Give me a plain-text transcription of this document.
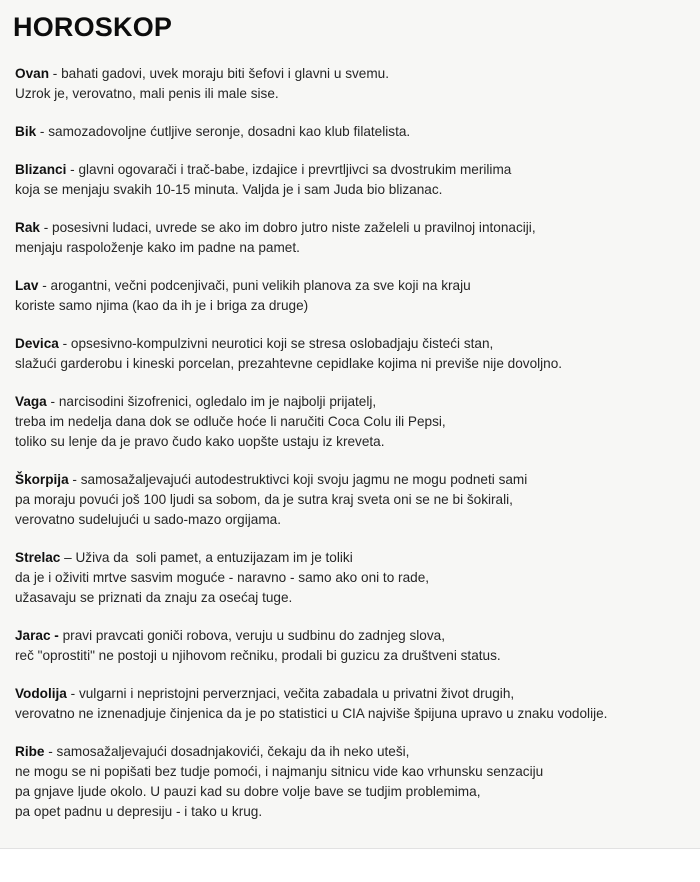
HOROSKOP

Ovan - bahati gadovi, uvek moraju biti šefovi i glavni u svemu.
Uzrok je, verovatno, mali penis ili male sise.

Bik - samozadovoljne ćutljive seronje, dosadni kao klub filatelista.

Blizanci - glavni ogovarači i trač-babe, izdajice i prevrtljivci sa dvostrukim merilima
koja se menjaju svakih 10-15 minuta. Valjda je i sam Juda bio blizanac.

Rak - posesivni ludaci, uvrede se ako im dobro jutro niste zaželeli u pravilnoj intonaciji,
menjaju raspoloženje kako im padne na pamet.

Lav - arogantni, večni podcenjivači, puni velikih planova za sve koji na kraju
koriste samo njima (kao da ih je i briga za druge)

Devica - opsesivno-kompulzivni neurotici koji se stresa oslobadjaju čisteći stan,
slažući garderobu i kineski porcelan, prezahtevne cepidlake kojima ni previše nije dovoljno.

Vaga - narcisodini šizofrenici, ogledalo im je najbolji prijatelj,
treba im nedelja dana dok se odluče hoće li naručiti Coca Colu ili Pepsi,
toliko su lenje da je pravo čudo kako uopšte ustaju iz kreveta.

Škorpija - samosažaljevajući autodestruktivci koji svoju jagmu ne mogu podneti sami
pa moraju povući još 100 ljudi sa sobom, da je sutra kraj sveta oni se ne bi šokirali,
verovatno sudelujući u sado-mazo orgijama.

Strelac – Uživa da  soli pamet, a entuzijazam im je toliki
da je i oživiti mrtve sasvim moguće - naravno - samo ako oni to rade,
užasavaju se priznati da znaju za osećaj tuge.

Jarac - pravi pravcati goniči robova, veruju u sudbinu do zadnjeg slova,
reč "oprostiti" ne postoji u njihovom rečniku, prodali bi guzicu za društveni status.

Vodolija - vulgarni i nepristojni perverznjaci, večita zabadala u privatni život drugih,
verovatno ne iznenadjuje činjenica da je po statistici u CIA najviše špijuna upravo u znaku vodolije.

Ribe - samosažaljevajući dosadnjakovići, čekaju da ih neko uteši,
ne mogu se ni popišati bez tudje pomoći, i najmanju sitnicu vide kao vrhunsku senzaciju
pa gnjave ljude okolo. U pauzi kad su dobre volje bave se tudjim problemima,
pa opet padnu u depresiju - i tako u krug.
